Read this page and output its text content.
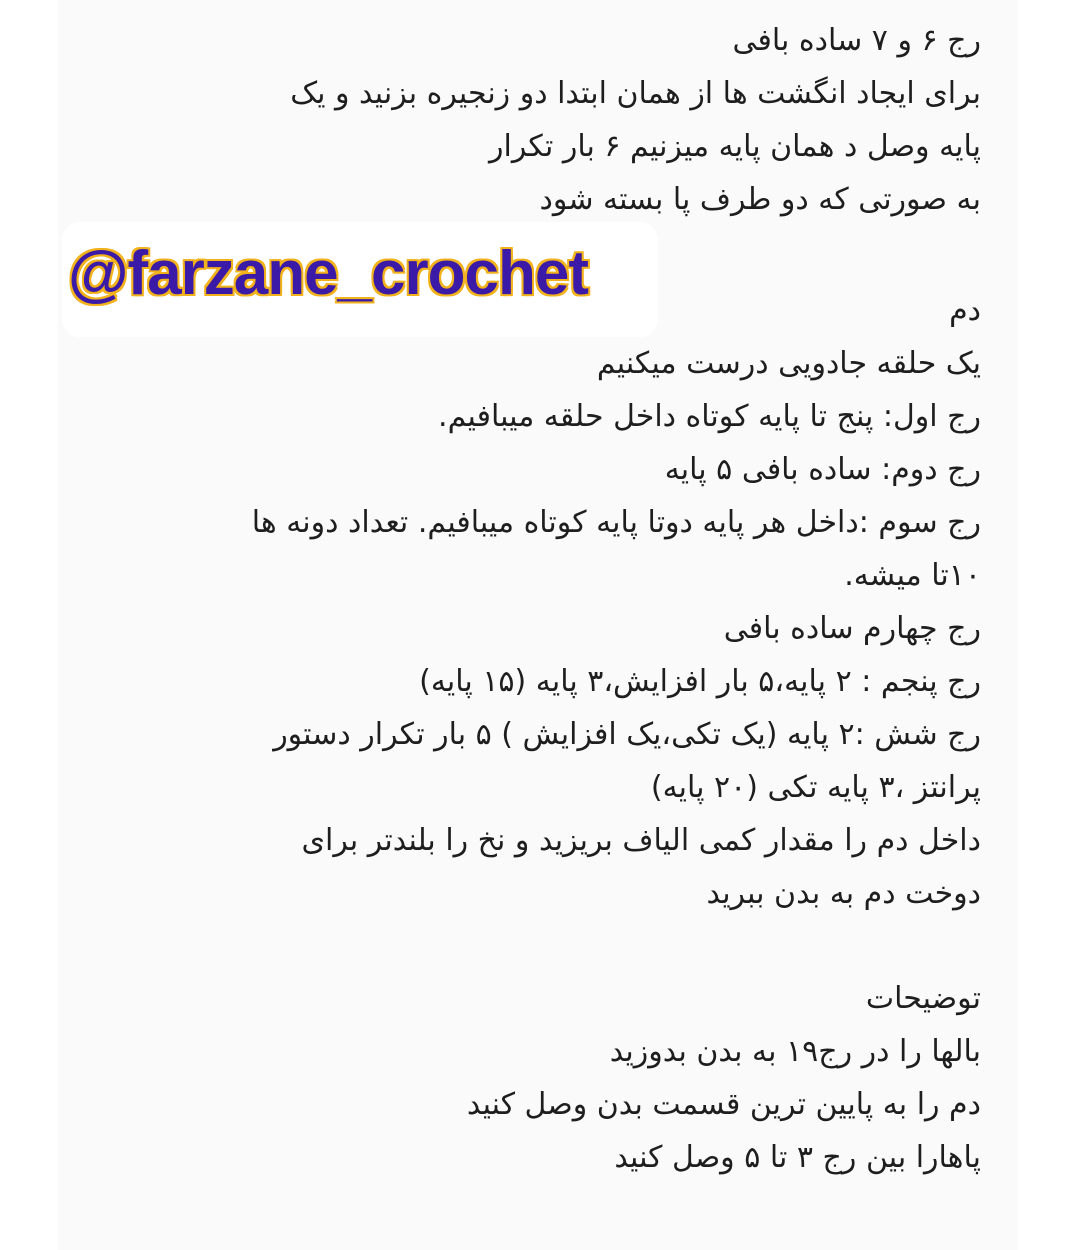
رج ۶ و ۷ ساده بافی
برای ایجاد انگشت ها از همان ابتدا دو زنجیره بزنید و یک
پایه وصل د همان پایه میزنیم ۶ بار تکرار
به صورتی که دو طرف پا بسته شود
@farzane_crochet
دم
یک حلقه جادویی درست میکنیم
رج اول: پنج تا پایه کوتاه داخل حلقه میبافیم.
رج دوم: ساده بافی ۵ پایه
رج سوم :داخل هر پایه دوتا پایه کوتاه میبافیم. تعداد دونه ها
۱۰تا میشه.
رج چهارم ساده بافی
رج پنجم : ۲ پایه،۵ بار افزایش،۳ پایه (۱۵ پایه)
رج شش :۲ پایه (یک تکی،یک افزایش ) ۵ بار تکرار دستور
پرانتز ،۳ پایه تکی (۲۰ پایه)
داخل دم را مقدار کمی الیاف بریزید و نخ را بلندتر برای
دوخت دم به بدن ببرید
توضیحات
بالها را در رج۱۹ به بدن بدوزید
دم را به پایین ترین قسمت بدن وصل کنید
پاهارا بین رج ۳ تا ۵ وصل کنید
